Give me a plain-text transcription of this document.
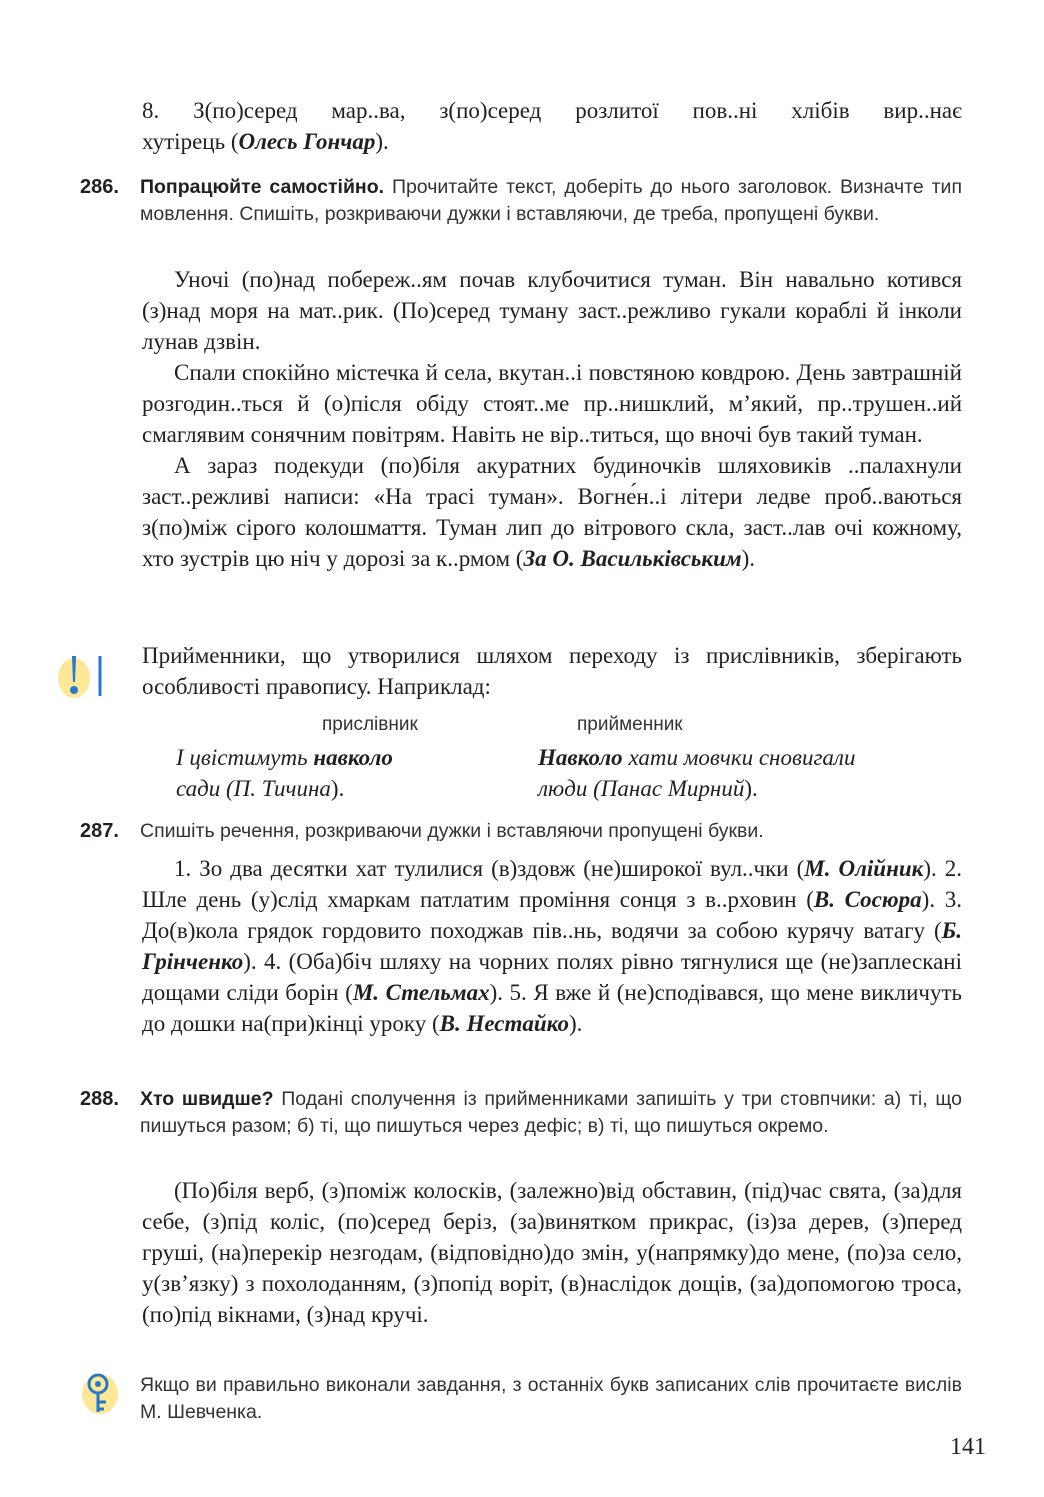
8. З(по)серед мар..ва, з(по)серед розлитої пов..ні хлібів вир..нає
хутірець (Олесь Гончар).
286. Попрацюйте самостійно. Прочитайте текст, доберіть до нього заголовок. Визначте тип мовлення. Спишіть, розкриваючи дужки і вставляючи, де треба, пропущені букви.

Уночі (по)над побереж..ям почав клубочитися туман. Він навально котився (з)над моря на мат..рик. (По)серед туману заст..режливо гукали кораблі й інколи лунав дзвін.

Спали спокійно містечка й села, вкутан..і повстяною ковдрою. День завтрашній розгодин..ться й (о)після обіду стоят..ме пр..нишклий, м’який, пр..трушен..ий смаглявим сонячним повітрям. Навіть не вір..титься, що вночі був такий туман.

А зараз подекуди (по)біля акуратних будиночків шляховиків ..палахнули заст..режливі написи: «На трасі туман». Вогне́н..і літери ледве проб..ваються з(по)між сірого колошмаття. Туман лип до вітрового скла, заст..лав очі кожному, хто зустрів цю ніч у дорозі за к..рмом (За О. Васильківським).

Прийменники, що утворилися шляхом переходу із прислівників, зберігають особливості правопису. Наприклад:
прислівник	прийменник
І цвістимуть навколо
сади (П. Тичина).
Навколо хати мовчки сновигали
люди (Панас Мирний).
287. Спишіть речення, розкриваючи дужки і вставляючи пропущені букви.
1. Зо два десятки хат тулилися (в)здовж (не)широкої вул..чки (М. Олійник). 2. Шле день (у)слід хмаркам патлатим проміння сонця з в..рховин (В. Сосюра). 3. До(в)кола грядок гордовито походжав пів..нь, водячи за собою курячу ватагу (Б. Грінченко). 4. (Оба)біч шляху на чорних полях рівно тягнулися ще (не)заплескані дощами сліди борін (М. Стельмах). 5. Я вже й (не)сподівався, що мене викличуть до дошки на(при)кінці уроку (В. Нестайко).
288. Хто швидше? Подані сполучення із прийменниками запишіть у три стовпчики: а) ті, що пишуться разом; б) ті, що пишуться через дефіс; в) ті, що пишуться окремо.
(По)біля верб, (з)поміж колосків, (залежно)від обставин, (під)час свята, (за)для себе, (з)під коліс, (по)серед беріз, (за)винятком прикрас, (із)за дерев, (з)перед груші, (на)перекір незгодам, (відповідно)до змін, у(напрямку)до мене, (по)за село, у(зв’язку) з похолоданням, (з)попід воріт, (в)наслідок дощів, (за)допомогою троса, (по)під вікнами, (з)над кручі.
Якщо ви правильно виконали завдання, з останніх букв записаних слів прочитаєте вислів М. Шевченка.
141
